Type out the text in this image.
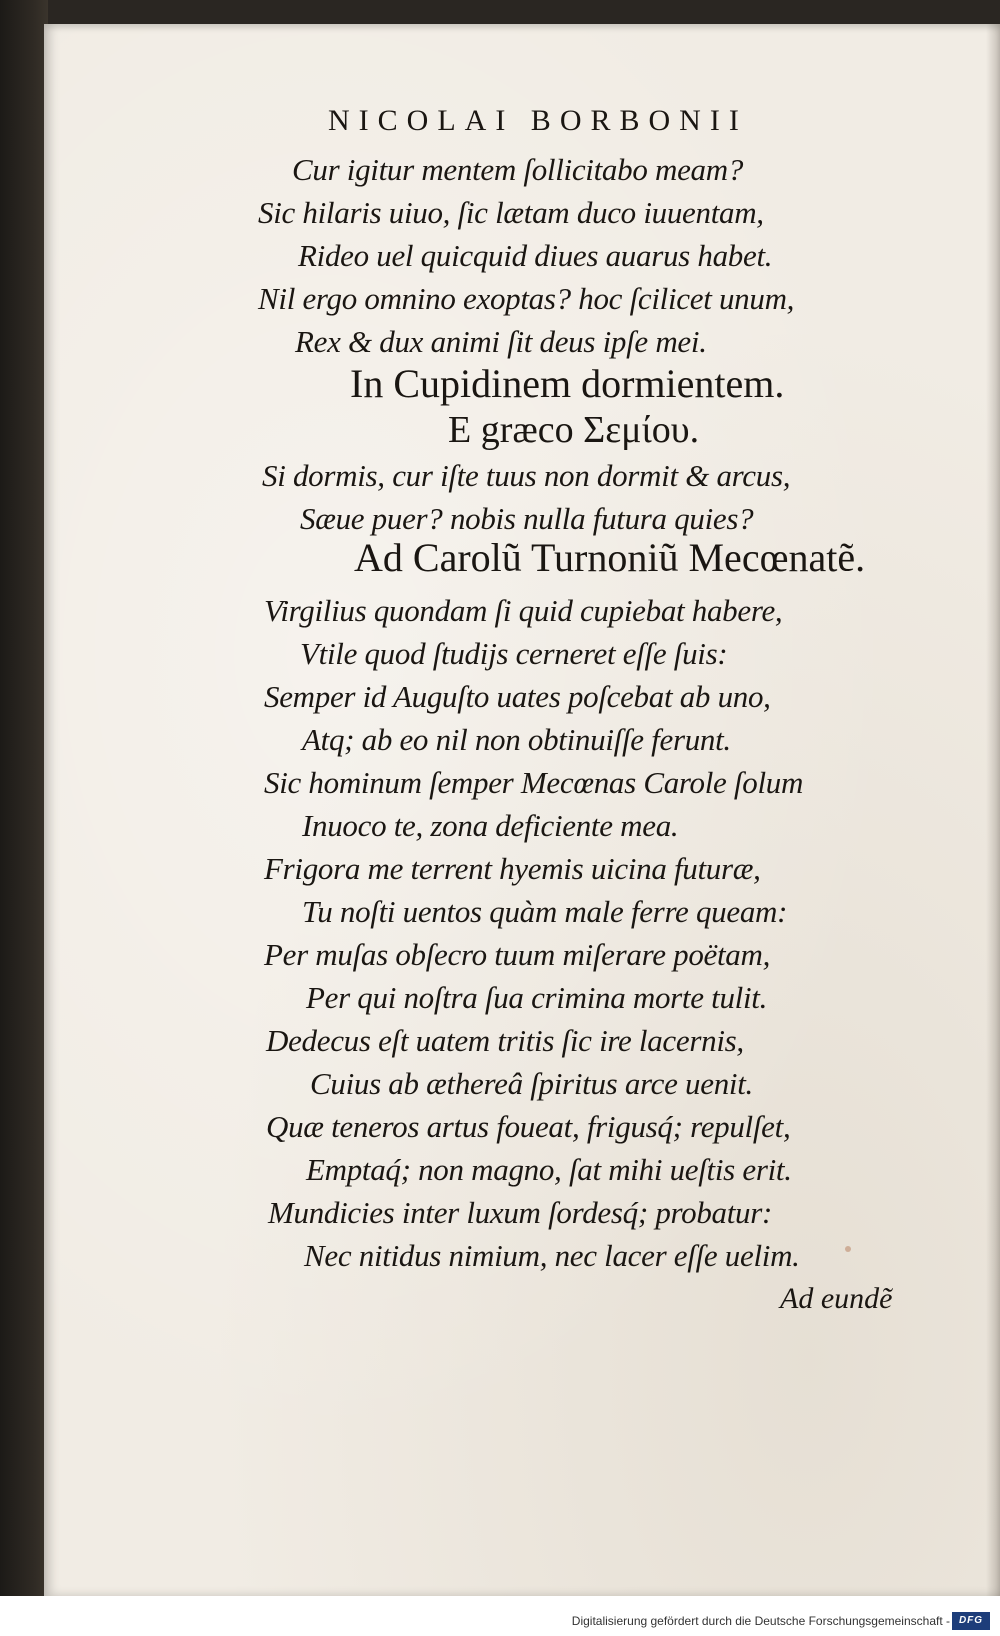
NICOLAI BORBONII
Cur igitur mentem ſollicitabo meam?
Sic hilaris uiuo, ſic lætam duco iuuentam,
Rideo uel quicquid diues auarus habet.
Nil ergo omnino exoptas? hoc ſcilicet unum,
Rex & dux animi ſit deus ipſe mei.
In Cupidinem dormientem.
E græco Σεμίου.
Si dormis, cur iſte tuus non dormit & arcus,
Sæue puer? nobis nulla futura quies?
Ad Carolũ Turnoniũ Mecœnatẽ.
Virgilius quondam ſi quid cupiebat habere,
Vtile quod ſtudijs cerneret eſſe ſuis:
Semper id Auguſto uates poſcebat ab uno,
Atq; ab eo nil non obtinuiſſe ferunt.
Sic hominum ſemper Mecœnas Carole ſolum
Inuoco te, zona deficiente mea.
Frigora me terrent hyemis uicina futuræ,
Tu noſti uentos quàm male ferre queam:
Per muſas obſecro tuum miſerare poëtam,
Per qui noſtra ſua crimina morte tulit.
Dedecus eſt uatem tritis ſic ire lacernis,
Cuius ab æthereâ ſpiritus arce uenit.
Quæ teneros artus foueat, frigusq́; repulſet,
Emptaq́; non magno, ſat mihi ueſtis erit.
Mundicies inter luxum ſordesq́; probatur:
Nec nitidus nimium, nec lacer eſſe uelim.
Ad eundẽ
Digitalisierung gefördert durch die Deutsche Forschungsgemeinschaft - DFG
